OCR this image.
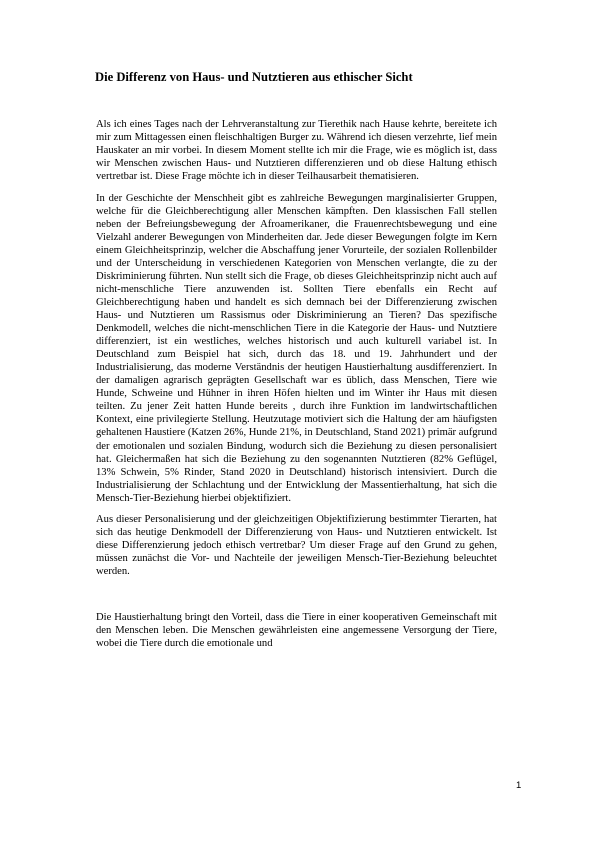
Die Differenz von Haus- und Nutztieren aus ethischer Sicht

Als ich eines Tages nach der Lehrveranstaltung zur Tierethik nach Hause kehrte, bereitete ich mir zum Mittagessen einen fleischhaltigen Burger zu. Während ich diesen verzehrte, lief mein Hauskater an mir vorbei. In diesem Moment stellte ich mir die Frage, wie es möglich ist, dass wir Menschen zwischen Haus- und Nutztieren differenzieren und ob diese Haltung ethisch vertretbar ist. Diese Frage möchte ich in dieser Teilhausarbeit thematisieren.

In der Geschichte der Menschheit gibt es zahlreiche Bewegungen marginalisierter Gruppen, welche für die Gleichberechtigung aller Menschen kämpften. Den klassischen Fall stellen neben der Befreiungsbewegung der Afroamerikaner, die Frauenrechtsbewegung und eine Vielzahl anderer Bewegungen von Minderheiten dar. Jede dieser Bewegungen folgte im Kern einem Gleichheitsprinzip, welcher die Abschaffung jener Vorurteile, der sozialen Rollenbilder und der Unterscheidung in verschiedenen Kategorien von Menschen verlangte, die zu der Diskriminierung führten. Nun stellt sich die Frage, ob dieses Gleichheitsprinzip nicht auch auf nicht-menschliche Tiere anzuwenden ist. Sollten Tiere ebenfalls ein Recht auf Gleichberechtigung haben und handelt es sich demnach bei der Differenzierung zwischen Haus- und Nutztieren um Rassismus oder Diskriminierung an Tieren? Das spezifische Denkmodell, welches die nicht-menschlichen Tiere in die Kategorie der Haus- und Nutztiere differenziert, ist ein westliches, welches historisch und auch kulturell variabel ist. In Deutschland zum Beispiel hat sich, durch das 18. und 19. Jahrhundert und der Industrialisierung, das moderne Verständnis der heutigen Haustierhaltung ausdifferenziert. In der damaligen agrarisch geprägten Gesellschaft war es üblich, dass Menschen, Tiere wie Hunde, Schweine und Hühner in ihren Höfen hielten und im Winter ihr Haus mit diesen teilten. Zu jener Zeit hatten Hunde bereits , durch ihre Funktion im landwirtschaftlichen Kontext, eine privilegierte Stellung. Heutzutage motiviert sich die Haltung der am häufigsten gehaltenen Haustiere (Katzen 26%, Hunde 21%, in Deutschland, Stand 2021) primär aufgrund der emotionalen und sozialen Bindung, wodurch sich die Beziehung zu diesen personalisiert hat. Gleichermaßen hat sich die Beziehung zu den sogenannten Nutztieren (82% Geflügel, 13% Schwein, 5% Rinder, Stand 2020 in Deutschland) historisch intensiviert. Durch die Industrialisierung der Schlachtung und der Entwicklung der Massentierhaltung, hat sich die Mensch-Tier-Beziehung hierbei objektifiziert.

Aus dieser Personalisierung und der gleichzeitigen Objektifizierung bestimmter Tierarten, hat sich das heutige Denkmodell der Differenzierung von Haus- und Nutztieren entwickelt. Ist diese Differenzierung jedoch ethisch vertretbar? Um dieser Frage auf den Grund zu gehen, müssen zunächst die Vor- und Nachteile der jeweiligen Mensch-Tier-Beziehung beleuchtet werden.

Die Haustierhaltung bringt den Vorteil, dass die Tiere in einer kooperativen Gemeinschaft mit den Menschen leben. Die Menschen gewährleisten eine angemessene Versorgung der Tiere, wobei die Tiere durch die emotionale und

1
